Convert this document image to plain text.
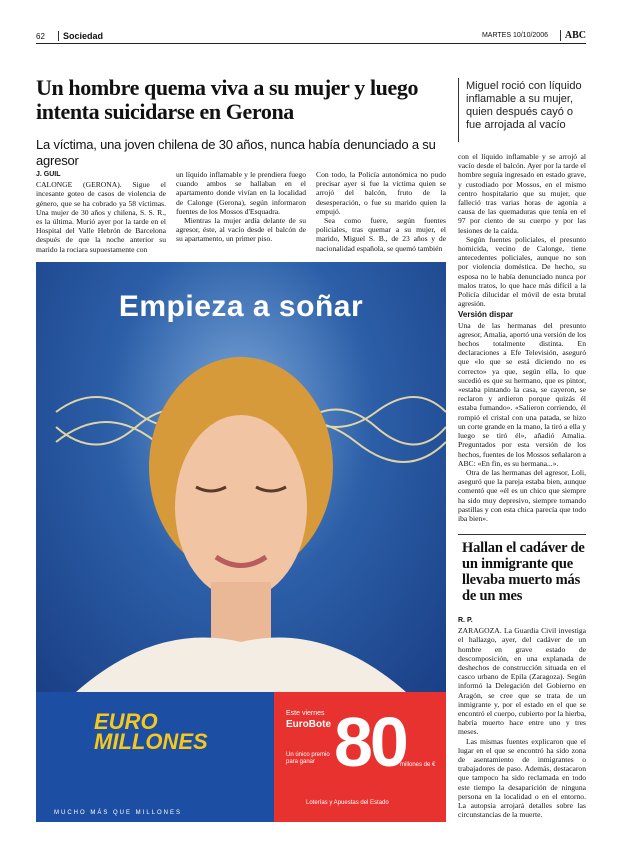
62	Sociedad	MARTES 10/10/2006	ABC
Un hombre quema viva a su mujer y luego intenta suicidarse en Gerona
La víctima, una joven chilena de 30 años, nunca había denunciado a su agresor
Miguel roció con líquido inflamable a su mujer, quien después cayó o fue arrojada al vacío
J. GUIL

CALONGE (GERONA). Sigue el incesante goteo de casos de violencia de género, que se ha cobrado ya 58 víctimas. Una mujer de 30 años y chilena, S. S. R., es la última. Murió ayer por la tarde en el Hospital del Valle Hebrón de Barcelona después de que la noche anterior su marido la rociara supuestamente con

un líquido inflamable y le prendiera fuego cuando ambos se hallaban en el apartamento donde vivían en la localidad de Calonge (Gerona), según informaron fuentes de los Mossos d'Esquadra.

Mientras la mujer ardía delante de su agresor, éste, al vacío desde el balcón de su apartamento, un primer piso.

Con todo, la Policía autonómica no pudo precisar ayer si fue la víctima quien se arrojó del balcón, fruto de la desesperación, o fue su marido quien la empujó.

Sea como fuere, según fuentes policiales, tras quemar a su mujer, el marido, Miguel S. B., de 23 años y de nacionalidad española, se quemó también

con el líquido inflamable y se arrojó al vacío desde el balcón. Ayer por la tarde el hombre seguía ingresado en estado grave, y custodiado por Mossos, en el mismo centro hospitalario que su mujer, que falleció tras varias horas de agonía a causa de las quemaduras que tenía en el 97 por ciento de su cuerpo y por las lesiones de la caída.

Según fuentes policiales, el presunto homicida, vecino de Calonge, tiene antecedentes policiales, aunque no son por violencia doméstica. De hecho, su esposa no le había denunciado nunca por malos tratos, lo que hace más difícil a la Policía dilucidar el móvil de esta brutal agresión.

Versión dispar

Una de las hermanas del presunto agresor, Amalia, aportó una versión de los hechos totalmente distinta. En declaraciones a Efe Televisión, aseguró que «lo que se está diciendo no es correcto» ya que, según ella, lo que sucedió es que su hermano, que es pintor, «estaba pintando la casa, se cayeron, se reclaron y ardieron porque quizás él estaba fumando». «Salieron corriendo, él rompió el cristal con una patada, se hizo un corte grande en la mano, la tiró a ella y luego se tiró él», añadió Amalia. Preguntados por esta versión de los hechos, fuentes de los Mossos señalaron a ABC: «En fin, es su hermana...».

Otra de las hermanas del agresor, Loli, aseguró que la pareja estaba bien, aunque comentó que «él es un chico que siempre ha sido muy depresivo, siempre tomando pastillas y con esta chica parecía que todo iba bien».

Hallan el cadáver de un inmigrante que llevaba muerto más de un mes
R. P.

ZARAGOZA. La Guardia Civil investiga el hallazgo, ayer, del cadáver de un hombre en grave estado de descomposición, en una explanada de deshechos de construcción situada en el casco urbano de Epila (Zaragoza). Según informó la Delegación del Gobierno en Aragón, se cree que se trata de un inmigrante y, por el estado en el que se encontró el cuerpo, cubierto por la hierba, habría muerto hace entre uno y tres meses.

Las mismas fuentes explicaron que el lugar en el que se encontró ha sido zona de asentamiento de inmigrantes o trabajadores de paso. Además, destacaron que tampoco ha sido reclamada en todo este tiempo la desaparición de ninguna persona en la localidad o en el entorno. La autopsia arrojará detalles sobre las circunstancias de la muerte.

Empieza a soñar
EURO
MILLONES
MUCHO MÁS QUE MILLONES
Este viernes
EuroBote
Un único premio para ganar 80
millones de €
Loterías y Apuestas del Estado
